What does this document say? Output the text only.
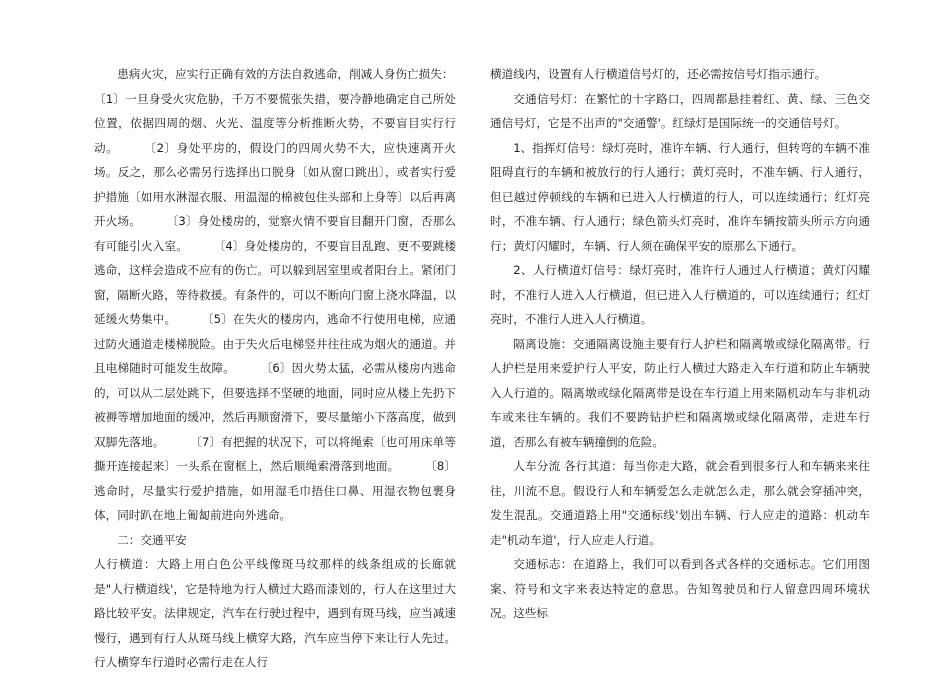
患病火灾，应实行正确有效的方法自救逃命，削减人身伤亡损失：

〔1〕一旦身受火灾危胁，千万不要慌张失措，要冷静地确定自己所处位置，依据四周的烟、火光、温度等分析推断火势，不要盲目实行行动。 〔2〕身处平房的，假设门的四周火势不大，应快速离开火场。反之，那么必需另行选择出口脱身〔如从窗口跳出〕，或者实行爱护措施〔如用水淋湿衣服、用温湿的棉被包住头部和上身等〕以后再离开火场。 〔3〕身处楼房的，觉察火情不要盲目翻开门窗，否那么有可能引火入室。 〔4〕身处楼房的，不要盲目乱跑、更不要跳楼逃命，这样会造成不应有的伤亡。可以躲到居室里或者阳台上。紧闭门窗，隔断火路，等待救援。有条件的，可以不断向门窗上浇水降温，以延缓火势集中。 〔5〕在失火的楼房内，逃命不行使用电梯，应通过防火通道走楼梯脱险。由于失火后电梯竖井往往成为烟火的通道。并且电梯随时可能发生故障。 〔6〕因火势太猛，必需从楼房内逃命的，可以从二层处跳下，但要选择不坚硬的地面，同时应从楼上先扔下被褥等增加地面的缓冲，然后再顺窗滑下，要尽量缩小下落高度，做到双脚先落地。 〔7〕有把握的状况下，可以将绳索〔也可用床单等撕开连接起来〕一头系在窗框上，然后顺绳索滑落到地面。 〔8〕逃命时，尽量实行爱护措施，如用湿毛巾捂住口鼻、用湿衣物包裹身体，同时趴在地上匍匐前进向外逃命。

二：交通平安

人行横道：大路上用白色公平线像斑马纹那样的线条组成的长廊就是"人行横道线'，它是特地为行人横过大路而漆划的，行人在这里过大路比较平安。法律规定，汽车在行驶过程中，遇到有斑马线，应当减速慢行，遇到有行人从斑马线上横穿大路，汽车应当停下来让行人先过。行人横穿车行道时必需行走在人行

横道线内，设置有人行横道信号灯的，还必需按信号灯指示通行。

交通信号灯：在繁忙的十字路口，四周都悬挂着红、黄、绿、三色交通信号灯，它是不出声的"交通警'。红绿灯是国际统一的交通信号灯。

1、指挥灯信号：绿灯亮时，准许车辆、行人通行，但转弯的车辆不准阻碍直行的车辆和被放行的行人通行；黄灯亮时，不准车辆、行人通行，但已越过停顿线的车辆和已进入人行横道的行人，可以连续通行；红灯亮时，不准车辆、行人通行；绿色箭头灯亮时，准许车辆按箭头所示方向通行；黄灯闪耀时，车辆、行人须在确保平安的原那么下通行。

2、人行横道灯信号：绿灯亮时，准许行人通过人行横道；黄灯闪耀时，不准行人进入人行横道，但已进入人行横道的，可以连续通行；红灯亮时，不准行人进入人行横道。

隔离设施：交通隔离设施主要有行人护栏和隔离墩或绿化隔离带。行人护栏是用来爱护行人平安，防止行人横过大路走入车行道和防止车辆驶入人行道的。隔离墩或绿化隔离带是设在车行道上用来隔机动车与非机动车或来往车辆的。我们不要跨钻护栏和隔离墩或绿化隔离带，走进车行道，否那么有被车辆撞倒的危险。

人车分流 各行其道：每当你走大路，就会看到很多行人和车辆来来往往，川流不息。假设行人和车辆爱怎么走就怎么走，那么就会穿插冲突，发生混乱。交通道路上用"交通标线'划出车辆、行人应走的道路：机动车走"机动车道'，行人应走人行道。

交通标志：在道路上，我们可以看到各式各样的交通标志。它们用图案、符号和文字来表达特定的意思。告知驾驶员和行人留意四周环境状况。这些标
